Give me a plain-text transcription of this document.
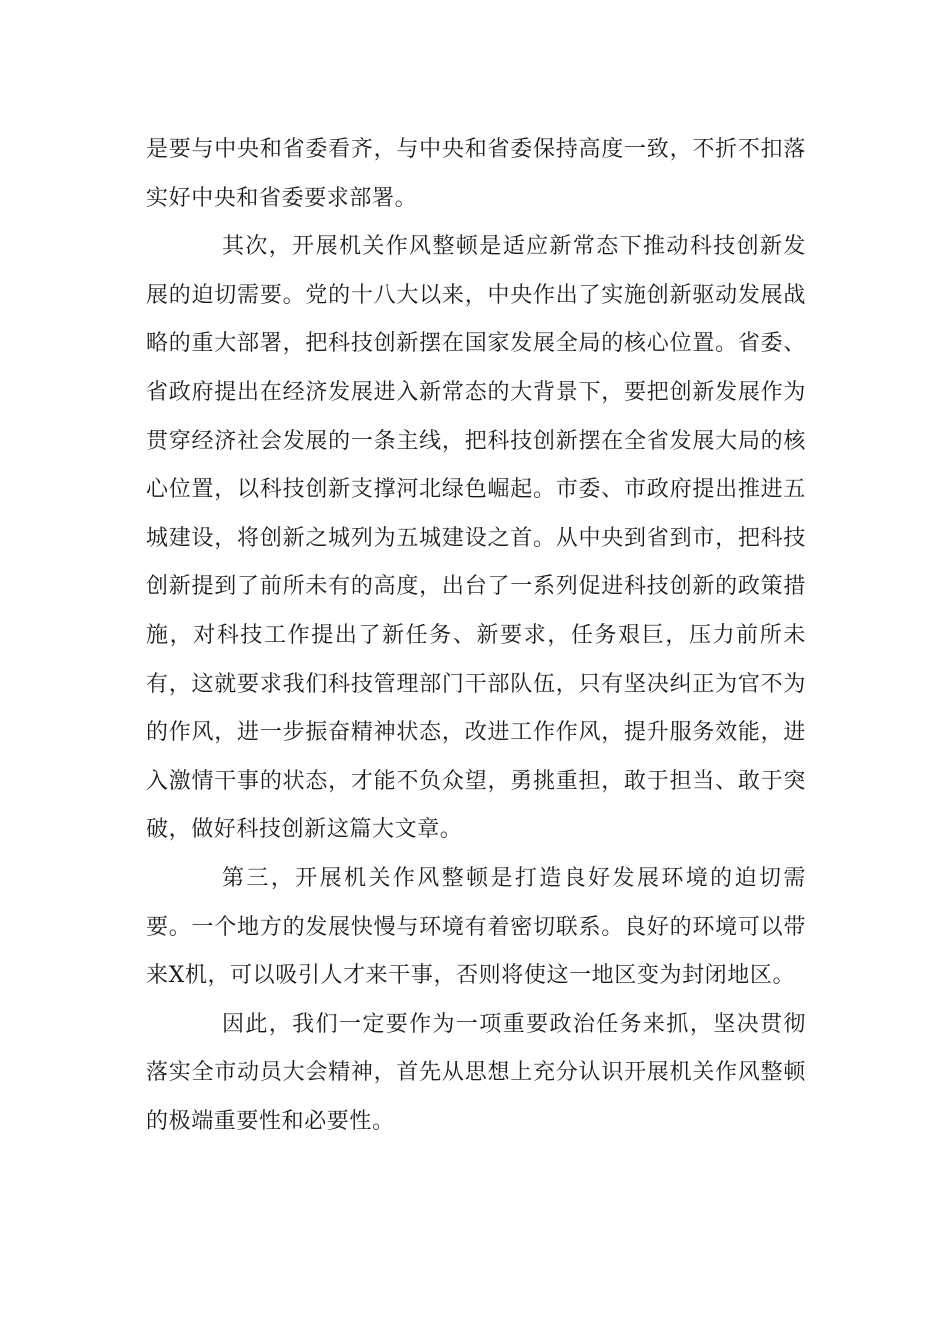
是要与中央和省委看齐，与中央和省委保持高度一致，不折不扣落实好中央和省委要求部署。

其次，开展机关作风整顿是适应新常态下推动科技创新发展的迫切需要。党的十八大以来，中央作出了实施创新驱动发展战略的重大部署，把科技创新摆在国家发展全局的核心位置。省委、省政府提出在经济发展进入新常态的大背景下，要把创新发展作为贯穿经济社会发展的一条主线，把科技创新摆在全省发展大局的核心位置，以科技创新支撑河北绿色崛起。市委、市政府提出推进五城建设，将创新之城列为五城建设之首。从中央到省到市，把科技创新提到了前所未有的高度，出台了一系列促进科技创新的政策措施，对科技工作提出了新任务、新要求，任务艰巨，压力前所未有，这就要求我们科技管理部门干部队伍，只有坚决纠正为官不为的作风，进一步振奋精神状态，改进工作作风，提升服务效能，进入激情干事的状态，才能不负众望，勇挑重担，敢于担当、敢于突破，做好科技创新这篇大文章。

第三，开展机关作风整顿是打造良好发展环境的迫切需要。一个地方的发展快慢与环境有着密切联系。良好的环境可以带来X机，可以吸引人才来干事，否则将使这一地区变为封闭地区。

因此，我们一定要作为一项重要政治任务来抓，坚决贯彻落实全市动员大会精神，首先从思想上充分认识开展机关作风整顿的极端重要性和必要性。
